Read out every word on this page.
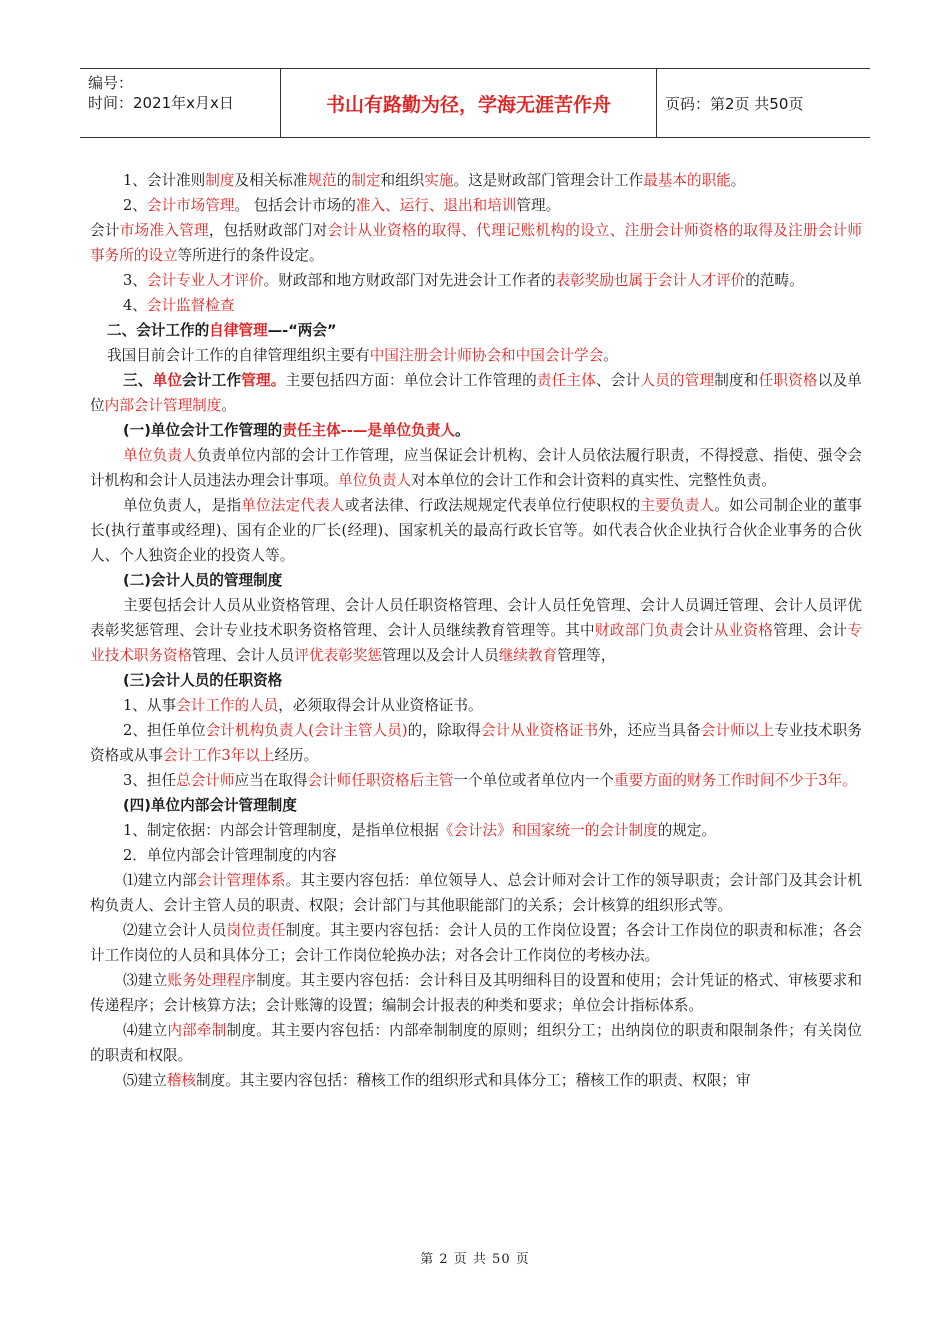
编号：
时间：2021年x月x日	书山有路勤为径，学海无涯苦作舟	页码：第2页 共50页

1、会计准则制度及相关标准规范的制定和组织实施。这是财政部门管理会计工作最基本的职能。

2、会计市场管理。 包括会计市场的准入、运行、退出和培训管理。

会计市场准入管理，包括财政部门对会计从业资格的取得、代理记账机构的设立、注册会计师资格的取得及注册会计师事务所的设立等所进行的条件设定。

3、会计专业人才评价。财政部和地方财政部门对先进会计工作者的表彰奖励也属于会计人才评价的范畴。

4、会计监督检查

二、会计工作的自律管理—-“两会”

我国目前会计工作的自律管理组织主要有中国注册会计师协会和中国会计学会。

三、单位会计工作管理。主要包括四方面：单位会计工作管理的责任主体、会计人员的管理制度和任职资格以及单位内部会计管理制度。

(一)单位会计工作管理的责任主体--—是单位负责人。

单位负责人负责单位内部的会计工作管理，应当保证会计机构、会计人员依法履行职责，不得授意、指使、强令会计机构和会计人员违法办理会计事项。单位负责人对本单位的会计工作和会计资料的真实性、完整性负责。

单位负责人，是指单位法定代表人或者法律、行政法规规定代表单位行使职权的主要负责人。如公司制企业的董事长(执行董事或经理)、国有企业的厂长(经理)、国家机关的最高行政长官等。如代表合伙企业执行合伙企业事务的合伙人、个人独资企业的投资人等。

(二)会计人员的管理制度

主要包括会计人员从业资格管理、会计人员任职资格管理、会计人员任免管理、会计人员调迁管理、会计人员评优表彰奖惩管理、会计专业技术职务资格管理、会计人员继续教育管理等。其中财政部门负责会计从业资格管理、会计专业技术职务资格管理、会计人员评优表彰奖惩管理以及会计人员继续教育管理等，

(三)会计人员的任职资格

1、从事会计工作的人员，必须取得会计从业资格证书。

2、担任单位会计机构负责人(会计主管人员)的，除取得会计从业资格证书外，还应当具备会计师以上专业技术职务资格或从事会计工作3年以上经历。

3、担任总会计师应当在取得会计师任职资格后主管一个单位或者单位内一个重要方面的财务工作时间不少于3年。

(四)单位内部会计管理制度

1、制定依据：内部会计管理制度，是指单位根据《会计法》和国家统一的会计制度的规定。

2．单位内部会计管理制度的内容

⑴建立内部会计管理体系。其主要内容包括：单位领导人、总会计师对会计工作的领导职责；会计部门及其会计机构负责人、会计主管人员的职责、权限；会计部门与其他职能部门的关系；会计核算的组织形式等。

⑵建立会计人员岗位责任制度。其主要内容包括：会计人员的工作岗位设置；各会计工作岗位的职责和标准；各会计工作岗位的人员和具体分工；会计工作岗位轮换办法；对各会计工作岗位的考核办法。

⑶建立账务处理程序制度。其主要内容包括：会计科目及其明细科目的设置和使用；会计凭证的格式、审核要求和传递程序；会计核算方法；会计账簿的设置；编制会计报表的种类和要求；单位会计指标体系。

⑷建立内部牵制制度。其主要内容包括：内部牵制制度的原则；组织分工；出纳岗位的职责和限制条件；有关岗位的职责和权限。

⑸建立稽核制度。其主要内容包括：稽核工作的组织形式和具体分工；稽核工作的职责、权限；审

第 2 页 共 50 页
